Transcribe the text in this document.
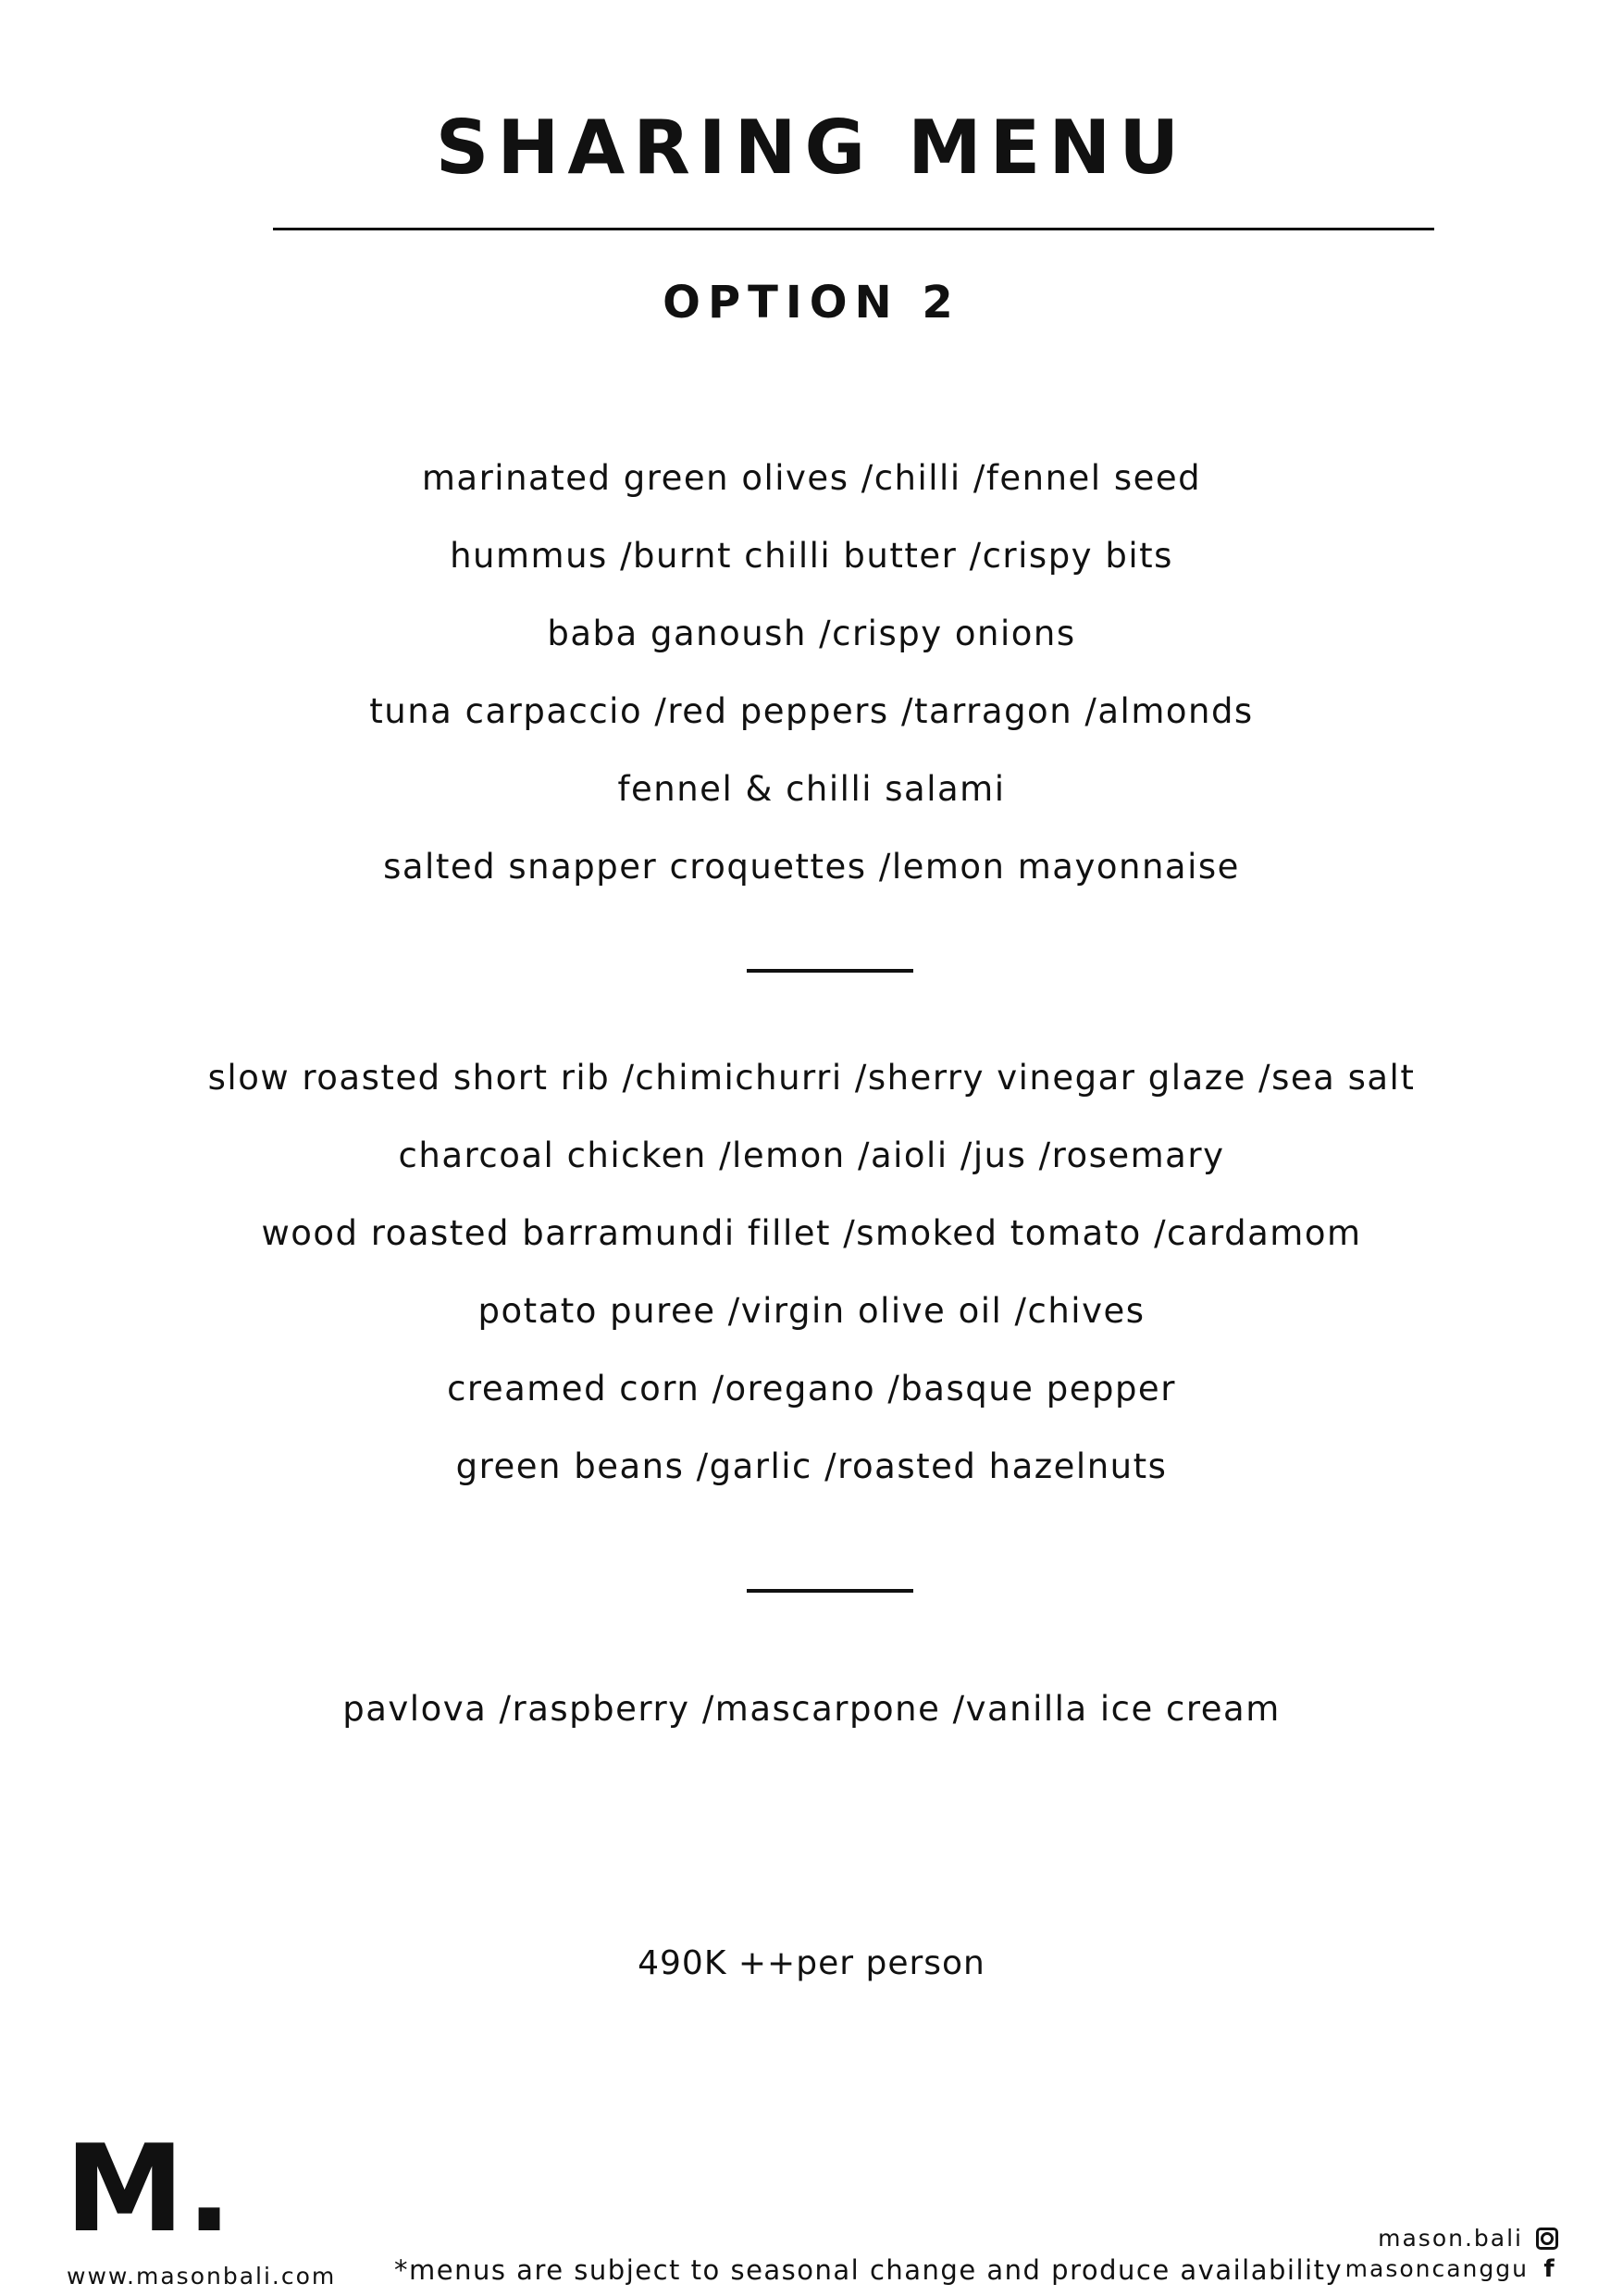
SHARING MENU
OPTION 2
marinated green olives /chilli /fennel seed
hummus /burnt chilli butter /crispy bits
baba ganoush /crispy onions
tuna carpaccio /red peppers /tarragon /almonds
fennel & chilli salami
salted snapper croquettes /lemon mayonnaise
slow roasted short rib /chimichurri /sherry vinegar glaze /sea salt
charcoal chicken /lemon /aioli /jus /rosemary
wood roasted barramundi fillet /smoked tomato /cardamom
potato puree /virgin olive oil /chives
creamed corn /oregano /basque pepper
green beans /garlic /roasted hazelnuts
pavlova /raspberry /mascarpone /vanilla ice cream
490K ++per person
M.
www.masonbali.com *menus are subject to seasonal change and produce availability
mason.bali
masoncanggu f
